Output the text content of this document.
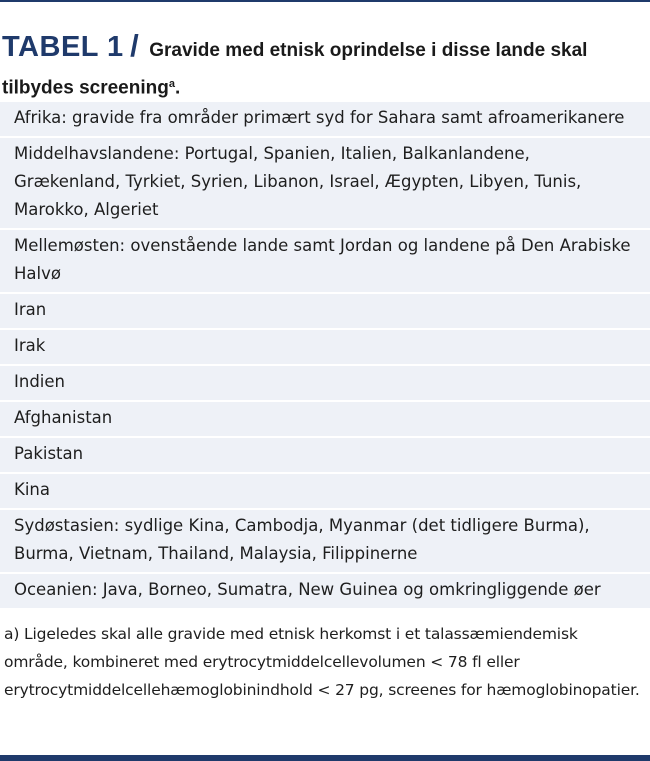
TABEL 1 / Gravide med etnisk oprindelse i disse lande skal
tilbydes screening$^a$.
Afrika: gravide fra områder primært syd for Sahara samt afroamerikanere
Middelhavslandene: Portugal, Spanien, Italien, Balkanlandene, Grækenland, Tyrkiet, Syrien, Libanon, Israel, Ægypten, Libyen, Tunis, Marokko, Algeriet
Mellemøsten: ovenstående lande samt Jordan og landene på Den Arabiske Halvø
Iran
Irak
Indien
Afghanistan
Pakistan
Kina
Sydøstasien: sydlige Kina, Cambodja, Myanmar (det tidligere Burma), Burma, Vietnam, Thailand, Malaysia, Filippinerne
Oceanien: Java, Borneo, Sumatra, New Guinea og omkringliggende øer
a) Ligeledes skal alle gravide med etnisk herkomst i et talassæmiendemisk område, kombineret med erytrocytmiddelcellevolumen < 78 fl eller erytrocytmiddelcellehæmoglobinindhold < 27 pg, screenes for hæmoglobinopatier.
